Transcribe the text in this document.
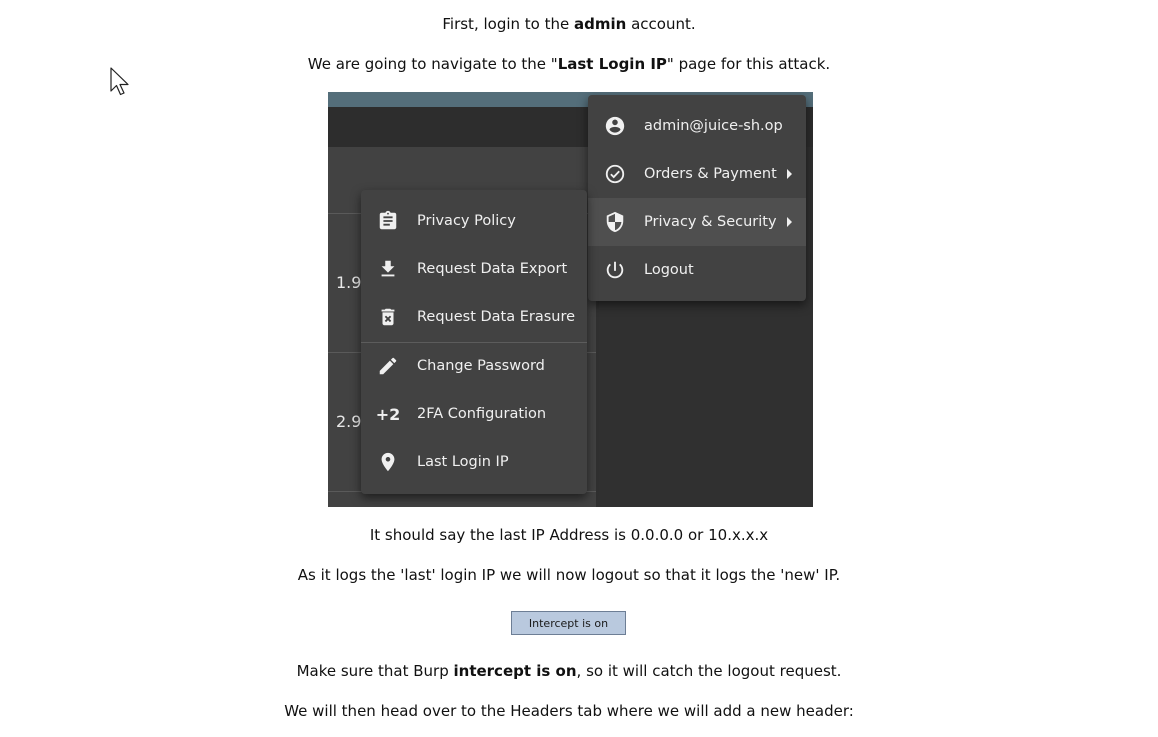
First, login to the admin account.
We are going to navigate to the "Last Login IP" page for this attack.
1.9
2.9
admin@juice-sh.op
Orders & Payment
Privacy & Security
Logout
Privacy Policy
Request Data Export
Request Data Erasure
Change Password
+2 2FA Configuration
Last Login IP
It should say the last IP Address is 0.0.0.0 or 10.x.x.x
As it logs the 'last' login IP we will now logout so that it logs the 'new' IP.
Intercept is on
Make sure that Burp intercept is on, so it will catch the logout request.
We will then head over to the Headers tab where we will add a new header:
